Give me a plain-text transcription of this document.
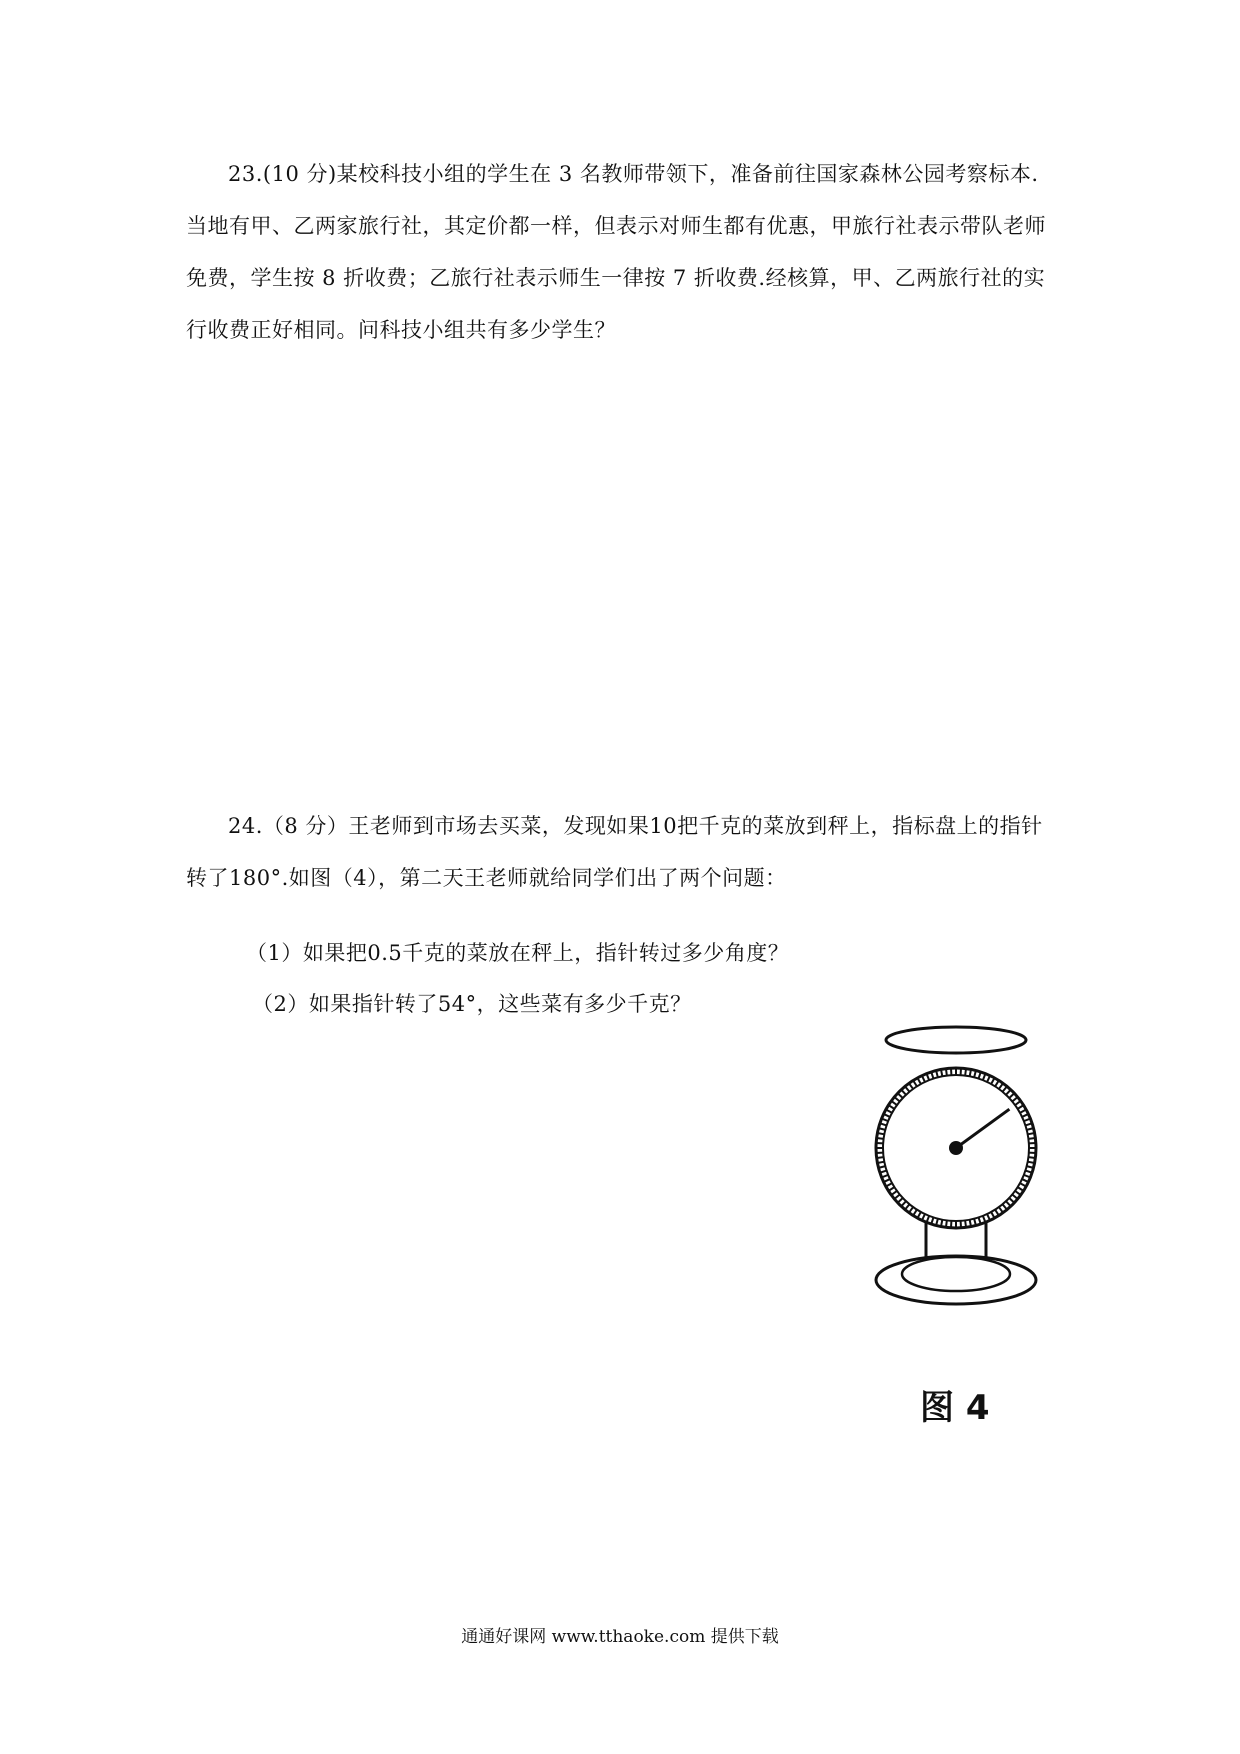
23.(10 分)某校科技小组的学生在 3 名教师带领下，准备前往国家森林公园考察标本.

当地有甲、乙两家旅行社，其定价都一样，但表示对师生都有优惠，甲旅行社表示带队老师

免费，学生按 8 折收费；乙旅行社表示师生一律按 7 折收费.经核算，甲、乙两旅行社的实

行收费正好相同。问科技小组共有多少学生？

24.（8 分）王老师到市场去买菜，发现如果10把千克的菜放到秤上，指标盘上的指针

转了180°.如图（4），第二天王老师就给同学们出了两个问题：

（1）如果把0.5千克的菜放在秤上，指针转过多少角度？
（2）如果指针转了54°，这些菜有多少千克？
图 4
通通好课网 www.tthaoke.com 提供下载
